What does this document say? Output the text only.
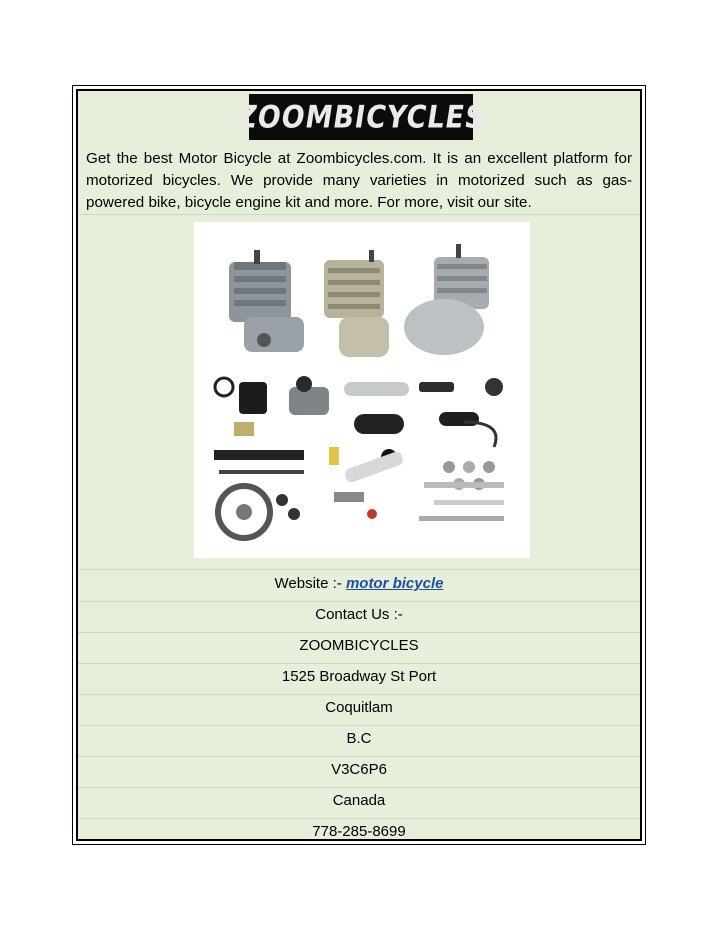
ZOOMBICYCLES
Get the best Motor Bicycle at Zoombicycles.com. It is an excellent platform for motorized bicycles. We provide many varieties in motorized such as gas-powered bike, bicycle engine kit and more. For more, visit our site.
Website :- motor bicycle
Contact Us :-
ZOOMBICYCLES
1525 Broadway St Port
Coquitlam
B.C
V3C6P6
Canada
778-285-8699
